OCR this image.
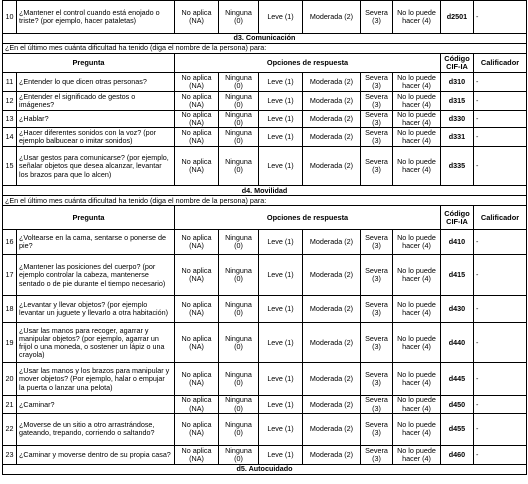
10	¿Mantener el control cuando está enojado o triste? (por ejemplo, hacer pataletas)	No aplica (NA)	Ninguna (0)	Leve (1)	Moderada (2)	Severa (3)	No lo puede hacer (4)	d2501	-
d3. Comunicación									
¿En el último mes cuánta dificultad ha tenido (diga el nombre de la persona) para:									
Pregunta		Opciones de respuesta						Código CIF-IA	Calificador
11	¿Entender lo que dicen otras personas?	No aplica (NA)	Ninguna (0)	Leve (1)	Moderada (2)	Severa (3)	No lo puede hacer (4)	d310	-
12	¿Entender el significado de gestos o imágenes?	No aplica (NA)	Ninguna (0)	Leve (1)	Moderada (2)	Severa (3)	No lo puede hacer (4)	d315	-
13	¿Hablar?	No aplica (NA)	Ninguna (0)	Leve (1)	Moderada (2)	Severa (3)	No lo puede hacer (4)	d330	-
14	¿Hacer diferentes sonidos con la voz? (por ejemplo balbucear o imitar sonidos)	No aplica (NA)	Ninguna (0)	Leve (1)	Moderada (2)	Severa (3)	No lo puede hacer (4)	d331	-
15	¿Usar gestos para comunicarse? (por ejemplo, señalar objetos que desea alcanzar, levantar los brazos para que lo alcen)	No aplica (NA)	Ninguna (0)	Leve (1)	Moderada (2)	Severa (3)	No lo puede hacer (4)	d335	-
d4. Movilidad									
¿En el último mes cuánta dificultad ha tenido (diga el nombre de la persona) para:									
Pregunta		Opciones de respuesta						Código CIF-IA	Calificador
16	¿Voltearse en la cama, sentarse o ponerse de pie?	No aplica (NA)	Ninguna (0)	Leve (1)	Moderada (2)	Severa (3)	No lo puede hacer (4)	d410	-
17	¿Mantener las posiciones del cuerpo? (por ejemplo controlar la cabeza, mantenerse sentado o de pie durante el tiempo necesario)	No aplica (NA)	Ninguna (0)	Leve (1)	Moderada (2)	Severa (3)	No lo puede hacer (4)	d415	-
18	¿Levantar y llevar objetos? (por ejemplo levantar un juguete y llevarlo a otra habitación)	No aplica (NA)	Ninguna (0)	Leve (1)	Moderada (2)	Severa (3)	No lo puede hacer (4)	d430	-
19	¿Usar las manos para recoger, agarrar y manipular objetos? (por ejemplo, agarrar un frijol o una moneda, o sostener un lápiz o una crayola)	No aplica (NA)	Ninguna (0)	Leve (1)	Moderada (2)	Severa (3)	No lo puede hacer (4)	d440	-
20	¿Usar las manos y los brazos para manipular y mover objetos? (Por ejemplo, halar o empujar la puerta o lanzar una pelota)	No aplica (NA)	Ninguna (0)	Leve (1)	Moderada (2)	Severa (3)	No lo puede hacer (4)	d445	-
21	¿Caminar?	No aplica (NA)	Ninguna (0)	Leve (1)	Moderada (2)	Severa (3)	No lo puede hacer (4)	d450	-
22	¿Moverse de un sitio a otro arrastrándose, gateando, trepando, corriendo o saltando?	No aplica (NA)	Ninguna (0)	Leve (1)	Moderada (2)	Severa (3)	No lo puede hacer (4)	d455	-
23	¿Caminar y moverse dentro de su propia casa?	No aplica (NA)	Ninguna (0)	Leve (1)	Moderada (2)	Severa (3)	No lo puede hacer (4)	d460	-
d5. Autocuidado									
